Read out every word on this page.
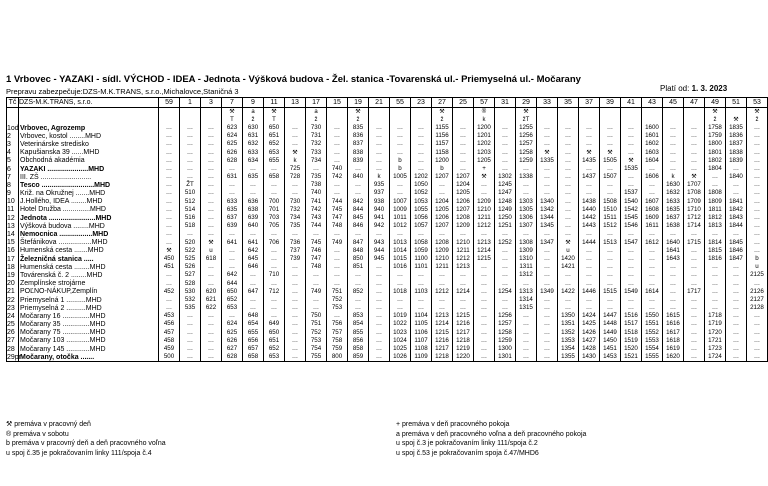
1 Vrbovec - YAZAKI - sídl. VÝCHOD - IDEA - Jednota - Výšková budova - Žel. stanica -Tovarenská ul.- Priemyselná ul.- Močarany
Platí od: 1. 3. 2023
Prepravu zabezpečuje:DZS-M.K.TRANS, s.r.o.,Michalovce,Staničná 3
Tč	DZS-M.K.TRANS, s.r.o.	59	1	3	7	9	11	13	17	15	19	21	55	23	27	25	57	31	29	33	35	37	39	41	43	45	47	49	51	53
					⚒	a	⚒		a		⚒				⚒		®		⚒									⚒		⚒
					T	ž	T		ž		ž				ž		k		žT									ž	⚒	ž
1od	Vrbovec, Agrozemp	…	…	…	623	630	650	…	730	…	835	…	…	…	1155	…	1200	…	1255	…	…	…	…	…	1600	…	…	1758	1835	…
2	Vrbovec, kostol ........MHD	…	…	…	624	631	651	…	731	…	836	…	…	…	1156	…	1201	…	1256	…	…	…	…	…	1601	…	…	1759	1836	…
3	Veterinárske stredisko	…	…	…	625	632	652	…	732	…	837	…	…	…	1157	…	1202	…	1257	…	…	…	…	…	1602	…	…	1800	1837	…
4	Kapušianska 39 ......MHD	…	…	…	626	633	653	⚒	733	…	838	…	…	…	1158	…	1203	…	1258	⚒	…	⚒	⚒	…	1603	…	…	1801	1838	…
5	Obchodná akadémia	…	…	…	628	634	655	k	734	…	839	…	b	…	1200	…	1205	…	1259	1335	…	1435	1505	⚒	1604	…	…	1802	1839	…
6	YAZAKI .....................MHD	…	…	…	…	…	…	725	…	740	…	…	b	…	b	…	+	…	…	…	…	…	…	1535	…	…	…	1804	…	…
7	III. ZŠ ..........................	…	…	…	631	635	658	728	735	742	840	k	1005	1202	1207	1207	⚒	1302	1338	…	…	1437	1507	…	1606	k	⚒	…	1840	…
8	Tesco ...........................MHD	…	ŽT	…	…	…	…	…	738	…	…	935	…	1050	…	1204	…	1245	…	…	…	…	…	…	…	1630	1707	…	…	…
9	Križ. na Okružnej .......MHD	…	510	…	…	…	…	…	740	…	…	937	…	1052	…	1205	…	1247	…	…	…	…	…	1537	…	1632	1708	1808	…	…
10	J.Hollého, IDEA ........MHD	…	512	…	633	636	700	730	741	744	842	938	1007	1053	1204	1206	1209	1248	1303	1340	…	1438	1508	1540	1607	1633	1709	1809	1841	…
11	Hotel Družba ..............MHD	…	514	…	635	638	701	732	742	745	844	940	1009	1055	1205	1207	1210	1249	1305	1342	…	1440	1510	1542	1608	1635	1710	1811	1842	…
12	Jednota ........................MHD	…	516	…	637	639	703	734	743	747	845	941	1011	1056	1206	1208	1211	1250	1306	1344	…	1442	1511	1545	1609	1637	1712	1812	1843	…
13	Výšková budova ........MHD	…	518	…	639	640	705	735	744	748	846	942	1012	1057	1207	1209	1212	1251	1307	1345	…	1443	1512	1546	1611	1638	1714	1813	1844	…
14	Nemocnica .................MHD	…	…	…	…	…	…	…	…	…	…	…	…	…	…	…	…	…	…	…	…	…	…	…	…	…	…	…	…	…
15	Štefánikova .................MHD	…	520	⚒	641	641	706	736	745	749	847	943	1013	1058	1208	1210	1213	1252	1308	1347	⚒	1444	1513	1547	1612	1640	1715	1814	1845	…
16	Humenská cesta .......MHD	⚒	522	u	…	642	…	737	746	…	848	944	1014	1059	1209	1211	1214	…	1309	…	u	…	…	…	…	1641	…	1815	1846	…
17	Železničná stanica .....	450	525	618	…	645	…	739	747	…	850	945	1015	1100	1210	1212	1215	…	1310	…	1420	…	…	…	…	1643	…	1816	1847	b
18	Humenská cesta ........MHD	451	526	…	…	646	…	…	748	…	851	…	1016	1101	1211	1213	…	…	1311	…	1421	…	…	…	…	…	…	…	…	u
19	Továrenská č. 2 ........MHD	…	527	…	642	…	710	…	…	…	…	…	…	…	…	…	…	…	1312	…	…	…	…	…	…	…	…	…	…	2125
20	Zemplínske strojárne	…	528	…	644	…	…	…	…	…	…	…	…	…	…	…	…	…	…	…	…	…	…	…	…	…	…	…	…	…
21	POĽNO-NÁKUP,Zemplín	452	530	620	650	647	712	…	749	751	852	…	1018	1103	1212	1214	…	1254	1313	1349	1422	1446	1515	1549	1614	…	1717	…	…	2126
22	Priemyselná 1 ..........MHD	…	532	621	652	…	…	…	…	752	…	…	…	…	…	…	…	…	1314	…	…	…	…	…	…	…	…	…	…	2127
23	Priemyselná 2 ..........MHD	…	535	622	653	…	…	…	…	753	…	…	…	…	…	…	…	…	1315	…	…	…	…	…	…	…	…	…	…	2128
24	Močarany 16 ..............MHD	453	…	…	…	648	…	…	750	…	853	…	1019	1104	1213	1215	…	1256	…	…	1350	1424	1447	1516	1550	1615	…	1718	…	…
25	Močarany 35 ..............MHD	456	…	…	624	654	649	…	751	756	854	…	1022	1105	1214	1216	…	1257	…	…	1351	1425	1448	1517	1551	1616	…	1719	…	…
26	Močarany 75 ..............MHD	457	…	…	625	655	650	…	752	757	855	…	1023	1106	1215	1217	…	1258	…	…	1352	1426	1449	1518	1552	1617	…	1720	…	…
27	Močarany 103 ............MHD	458	…	…	626	656	651	…	753	758	856	…	1024	1107	1216	1218	…	1259	…	…	1353	1427	1450	1519	1553	1618	…	1721	…	…
28	Močarany 145 ............MHD	459	…	…	627	657	652	…	754	759	858	…	1025	1108	1217	1219	…	1300	…	…	1354	1428	1451	1520	1554	1619	…	1723	…	…
29pr	Močarany, otočka .......	500	…	…	628	658	653	…	755	800	859	…	1026	1109	1218	1220	…	1301	…	…	1355	1430	1453	1521	1555	1620	…	1724	…	…
⚒ premáva v pracovný deň
® premáva v sobotu
b premáva v pracovný deň a deň pracovného voľna
u spoj č.35 je pokračovaním linky 111/spoja č.4
+ premáva v deň pracovného pokoja
a premáva v deň pracovného voľna a deň pracovného pokoja
u spoj č.3 je pokračovaním linky 111/spoja č.2
u spoj č.53 je pokračovaním spoja č.47/MHD6
